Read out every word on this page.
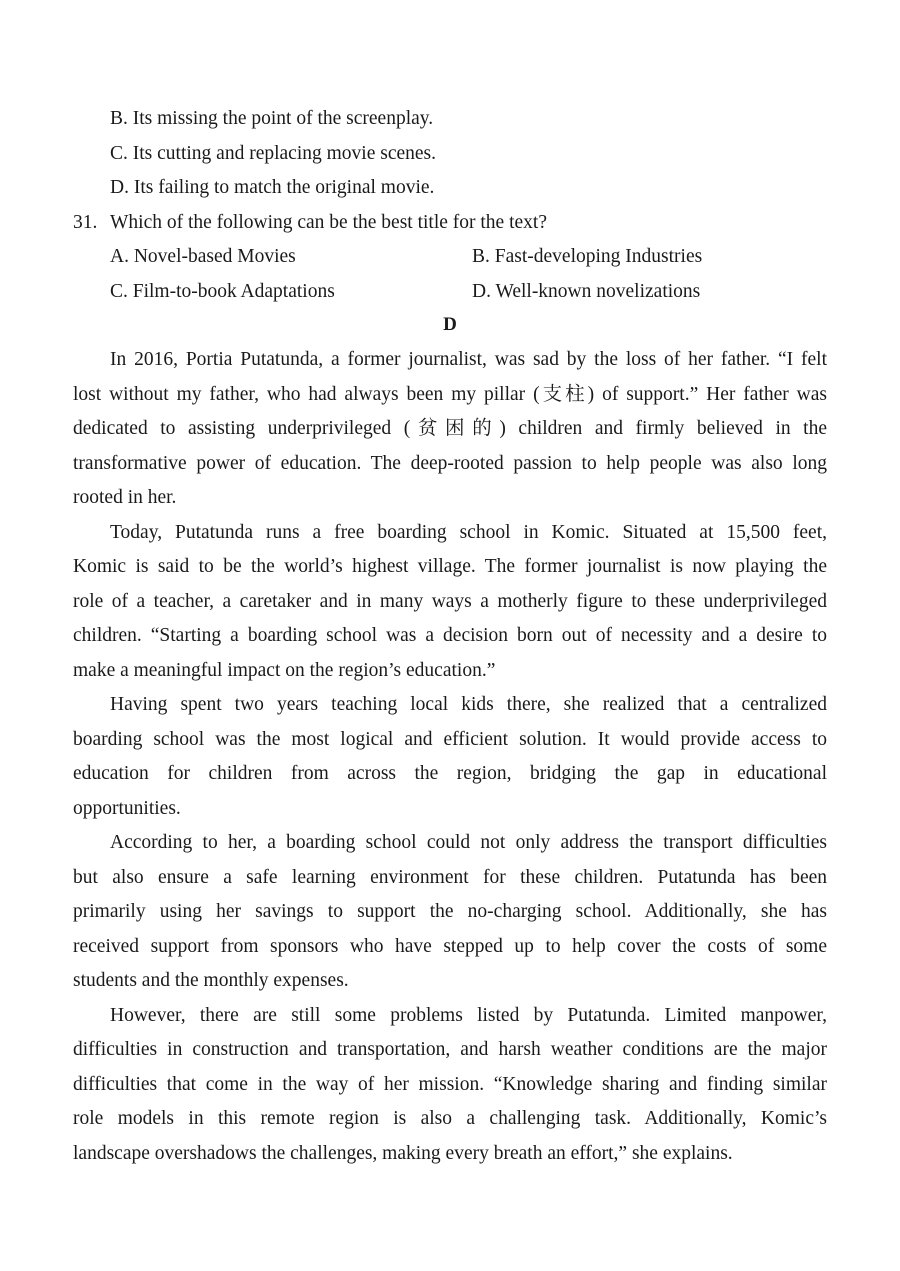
B. Its missing the point of the screenplay.
C. Its cutting and replacing movie scenes.
D. Its failing to match the original movie.
31. Which of the following can be the best title for the text?
A. Novel-based Movies	B. Fast-developing Industries
C. Film-to-book Adaptations	D. Well-known novelizations
D
In 2016, Portia Putatunda, a former journalist, was sad by the loss of her father. “I felt
lost without my father, who had always been my pillar (支柱) of support.” Her father was
dedicated to assisting underprivileged (贫困的) children and firmly believed in the
transformative power of education. The deep-rooted passion to help people was also long
rooted in her.
Today, Putatunda runs a free boarding school in Komic. Situated at 15,500 feet,
Komic is said to be the world’s highest village. The former journalist is now playing the
role of a teacher, a caretaker and in many ways a motherly figure to these underprivileged
children. “Starting a boarding school was a decision born out of necessity and a desire to
make a meaningful impact on the region’s education.”
Having spent two years teaching local kids there, she realized that a centralized
boarding school was the most logical and efficient solution. It would provide access to
education for children from across the region, bridging the gap in educational
opportunities.
According to her, a boarding school could not only address the transport difficulties
but also ensure a safe learning environment for these children. Putatunda has been
primarily using her savings to support the no-charging school. Additionally, she has
received support from sponsors who have stepped up to help cover the costs of some
students and the monthly expenses.
However, there are still some problems listed by Putatunda. Limited manpower,
difficulties in construction and transportation, and harsh weather conditions are the major
difficulties that come in the way of her mission. “Knowledge sharing and finding similar
role models in this remote region is also a challenging task. Additionally, Komic’s
landscape overshadows the challenges, making every breath an effort,” she explains.
